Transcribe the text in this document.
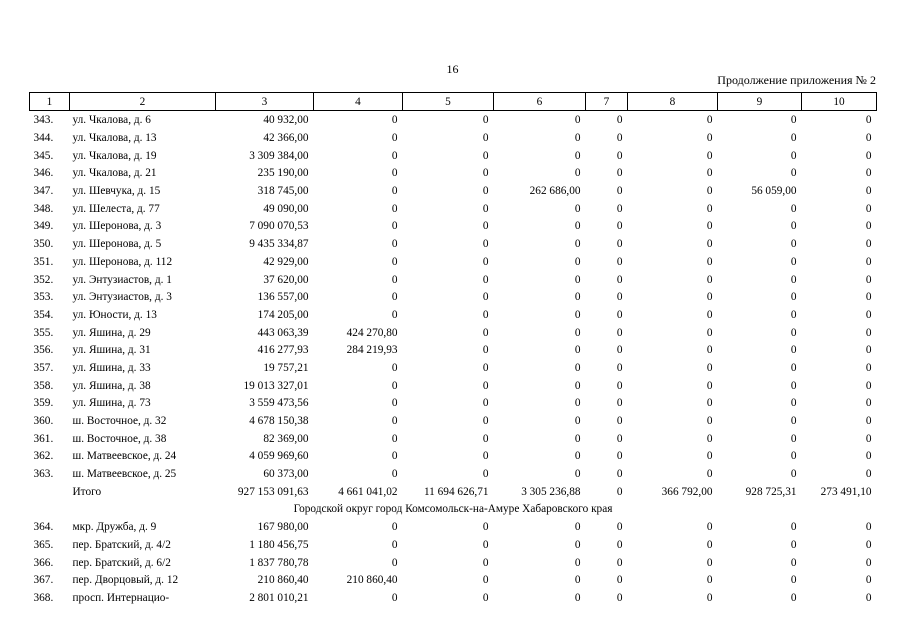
16
Продолжение приложения № 2
1	2	3	4	5	6	7	8	9	10
343.	ул. Чкалова, д. 6	40 932,00	0	0	0	0	0	0	0
344.	ул. Чкалова, д. 13	42 366,00	0	0	0	0	0	0	0
345.	ул. Чкалова, д. 19	3 309 384,00	0	0	0	0	0	0	0
346.	ул. Чкалова, д. 21	235 190,00	0	0	0	0	0	0	0
347.	ул. Шевчука, д. 15	318 745,00	0	0	262 686,00	0	0	56 059,00	0
348.	ул. Шелеста, д. 77	49 090,00	0	0	0	0	0	0	0
349.	ул. Шеронова, д. 3	7 090 070,53	0	0	0	0	0	0	0
350.	ул. Шеронова, д. 5	9 435 334,87	0	0	0	0	0	0	0
351.	ул. Шеронова, д. 112	42 929,00	0	0	0	0	0	0	0
352.	ул. Энтузиастов, д. 1	37 620,00	0	0	0	0	0	0	0
353.	ул. Энтузиастов, д. 3	136 557,00	0	0	0	0	0	0	0
354.	ул. Юности, д. 13	174 205,00	0	0	0	0	0	0	0
355.	ул. Яшина, д. 29	443 063,39	424 270,80	0	0	0	0	0	0
356.	ул. Яшина, д. 31	416 277,93	284 219,93	0	0	0	0	0	0
357.	ул. Яшина, д. 33	19 757,21	0	0	0	0	0	0	0
358.	ул. Яшина, д. 38	19 013 327,01	0	0	0	0	0	0	0
359.	ул. Яшина, д. 73	3 559 473,56	0	0	0	0	0	0	0
360.	ш. Восточное, д. 32	4 678 150,38	0	0	0	0	0	0	0
361.	ш. Восточное, д. 38	82 369,00	0	0	0	0	0	0	0
362.	ш. Матвеевское, д. 24	4 059 969,60	0	0	0	0	0	0	0
363.	ш. Матвеевское, д. 25	60 373,00	0	0	0	0	0	0	0
	Итого	927 153 091,63	4 661 041,02	11 694 626,71	3 305 236,88	0	366 792,00	928 725,31	273 491,10
Городской округ город Комсомольск-на-Амуре Хабаровского края									
364.	мкр. Дружба, д. 9	167 980,00	0	0	0	0	0	0	0
365.	пер. Братский, д. 4/2	1 180 456,75	0	0	0	0	0	0	0
366.	пер. Братский, д. 6/2	1 837 780,78	0	0	0	0	0	0	0
367.	пер. Дворцовый, д. 12	210 860,40	210 860,40	0	0	0	0	0	0
368.	просп. Интернацио-	2 801 010,21	0	0	0	0	0	0	0
